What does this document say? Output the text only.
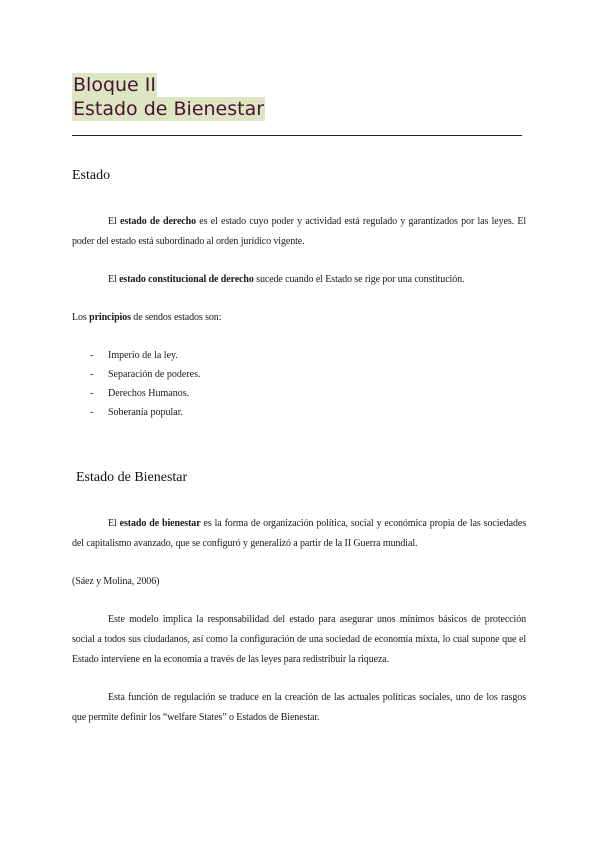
Bloque II
Estado de Bienestar
Estado

El estado de derecho es el estado cuyo poder y actividad está regulado y garantizados por las leyes. El poder del estado está subordinado al orden jurídico vigente.

El estado constitucional de derecho sucede cuando el Estado se rige por una constitución.

Los principios de sendos estados son:

- Imperio de la ley.
- Separación de poderes.
- Derechos Humanos.
- Soberanía popular.
Estado de Bienestar

El estado de bienestar es la forma de organización política, social y económica propia de las sociedades del capitalismo avanzado, que se configuró y generalizó a partir de la II Guerra mundial.

(Sáez y Molina, 2006)

Este modelo implica la responsabilidad del estado para asegurar unos mínimos básicos de protección social a todos sus ciudadanos, así como la configuración de una sociedad de economía mixta, lo cual supone que el Estado interviene en la economía a través de las leyes para redistribuir la riqueza.

Esta función de regulación se traduce en la creación de las actuales políticas sociales, uno de los rasgos que permite definir los “welfare States” o Estados de Bienestar.
